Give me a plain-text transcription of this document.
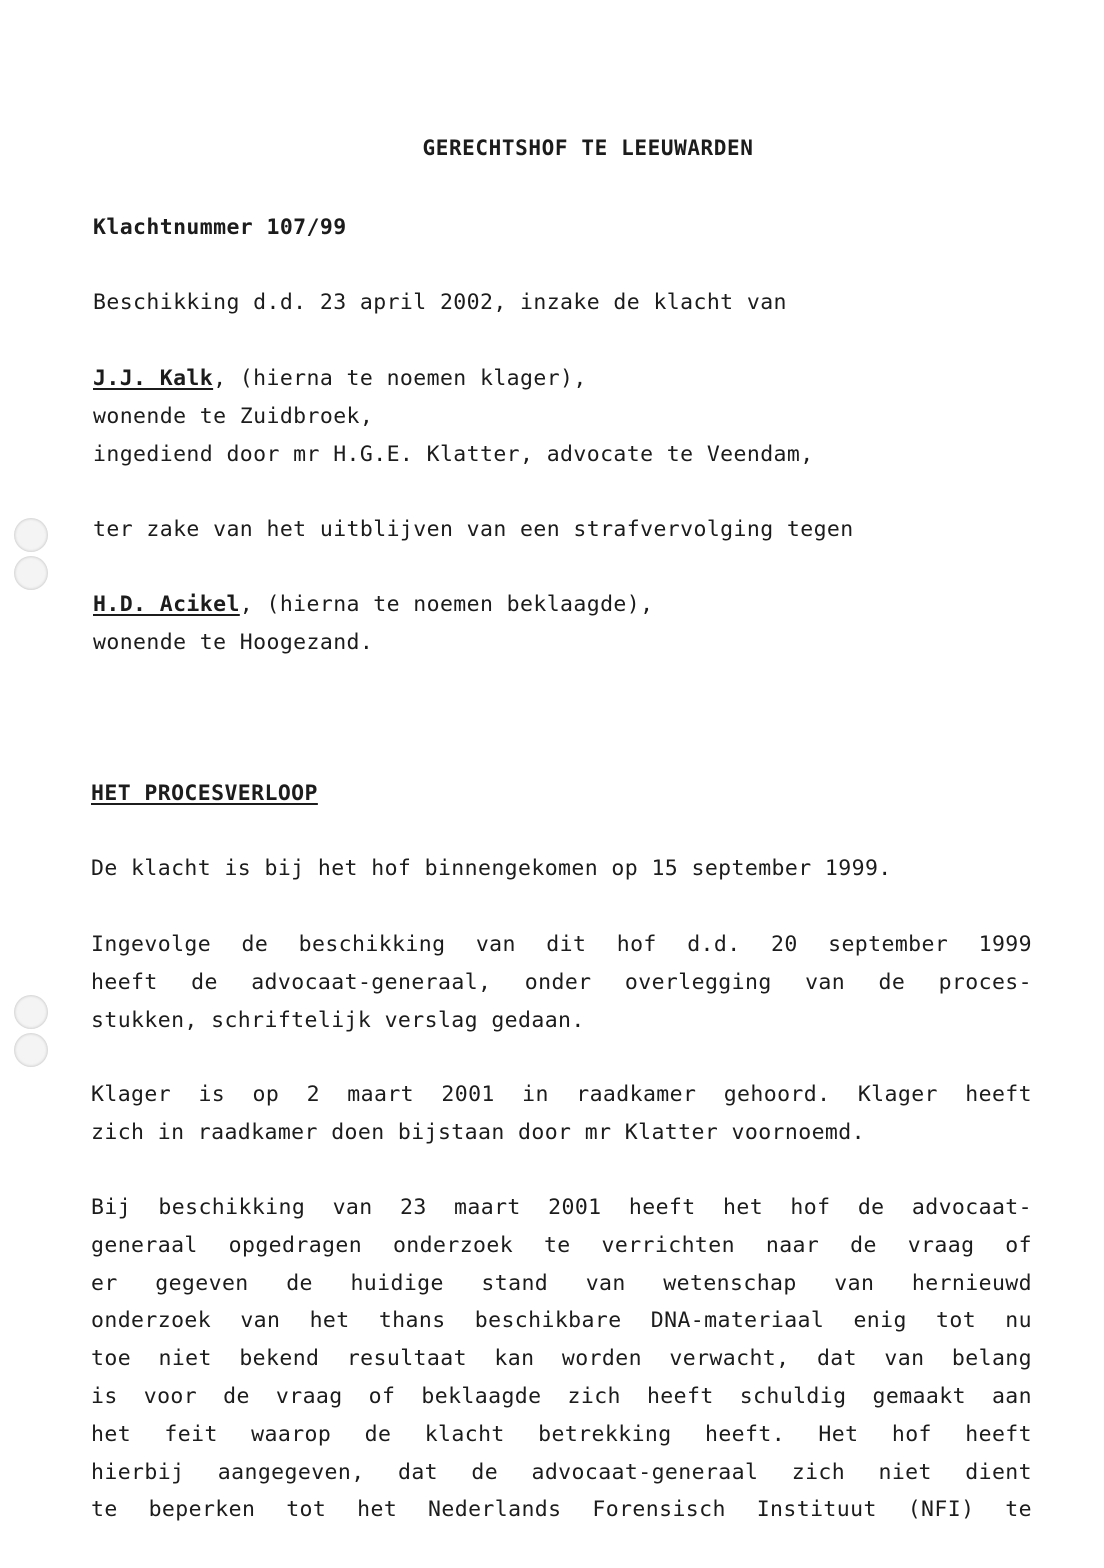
GERECHTSHOF TE LEEUWARDEN
Klachtnummer 107/99
Beschikking d.d. 23 april 2002, inzake de klacht van
J.J. Kalk, (hierna te noemen klager),
wonende te Zuidbroek,
ingediend door mr H.G.E. Klatter, advocate te Veendam,
ter zake van het uitblijven van een strafvervolging tegen
H.D. Acikel, (hierna te noemen beklaagde),
wonende te Hoogezand.
HET PROCESVERLOOP
De klacht is bij het hof binnengekomen op 15 september 1999.
Ingevolge de beschikking van dit hof d.d. 20 september 1999
heeft de advocaat-generaal, onder overlegging van de proces-
stukken, schriftelijk verslag gedaan.
Klager is op 2 maart 2001 in raadkamer gehoord. Klager heeft
zich in raadkamer doen bijstaan door mr Klatter voornoemd.
Bij beschikking van 23 maart 2001 heeft het hof de advocaat-
generaal opgedragen onderzoek te verrichten naar de vraag of
er gegeven de huidige stand van wetenschap van hernieuwd
onderzoek van het thans beschikbare DNA-materiaal enig tot nu
toe niet bekend resultaat kan worden verwacht, dat van belang
is voor de vraag of beklaagde zich heeft schuldig gemaakt aan
het feit waarop de klacht betrekking heeft. Het hof heeft
hierbij aangegeven, dat de advocaat-generaal zich niet dient
te beperken tot het Nederlands Forensisch Instituut (NFI) te
